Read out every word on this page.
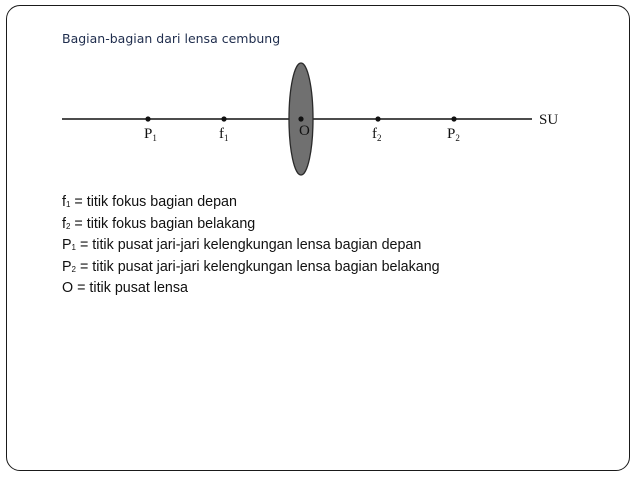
Bagian-bagian dari lensa cembung
P1	f1	O	f2	P2
SU
$f_1$ = titik fokus bagian depan
$f_2$ = titik fokus bagian belakang
$P_1$ = titik pusat jari-jari kelengkungan lensa bagian depan
$P_2$ = titik pusat jari-jari kelengkungan lensa bagian belakang
O = titik pusat lensa
